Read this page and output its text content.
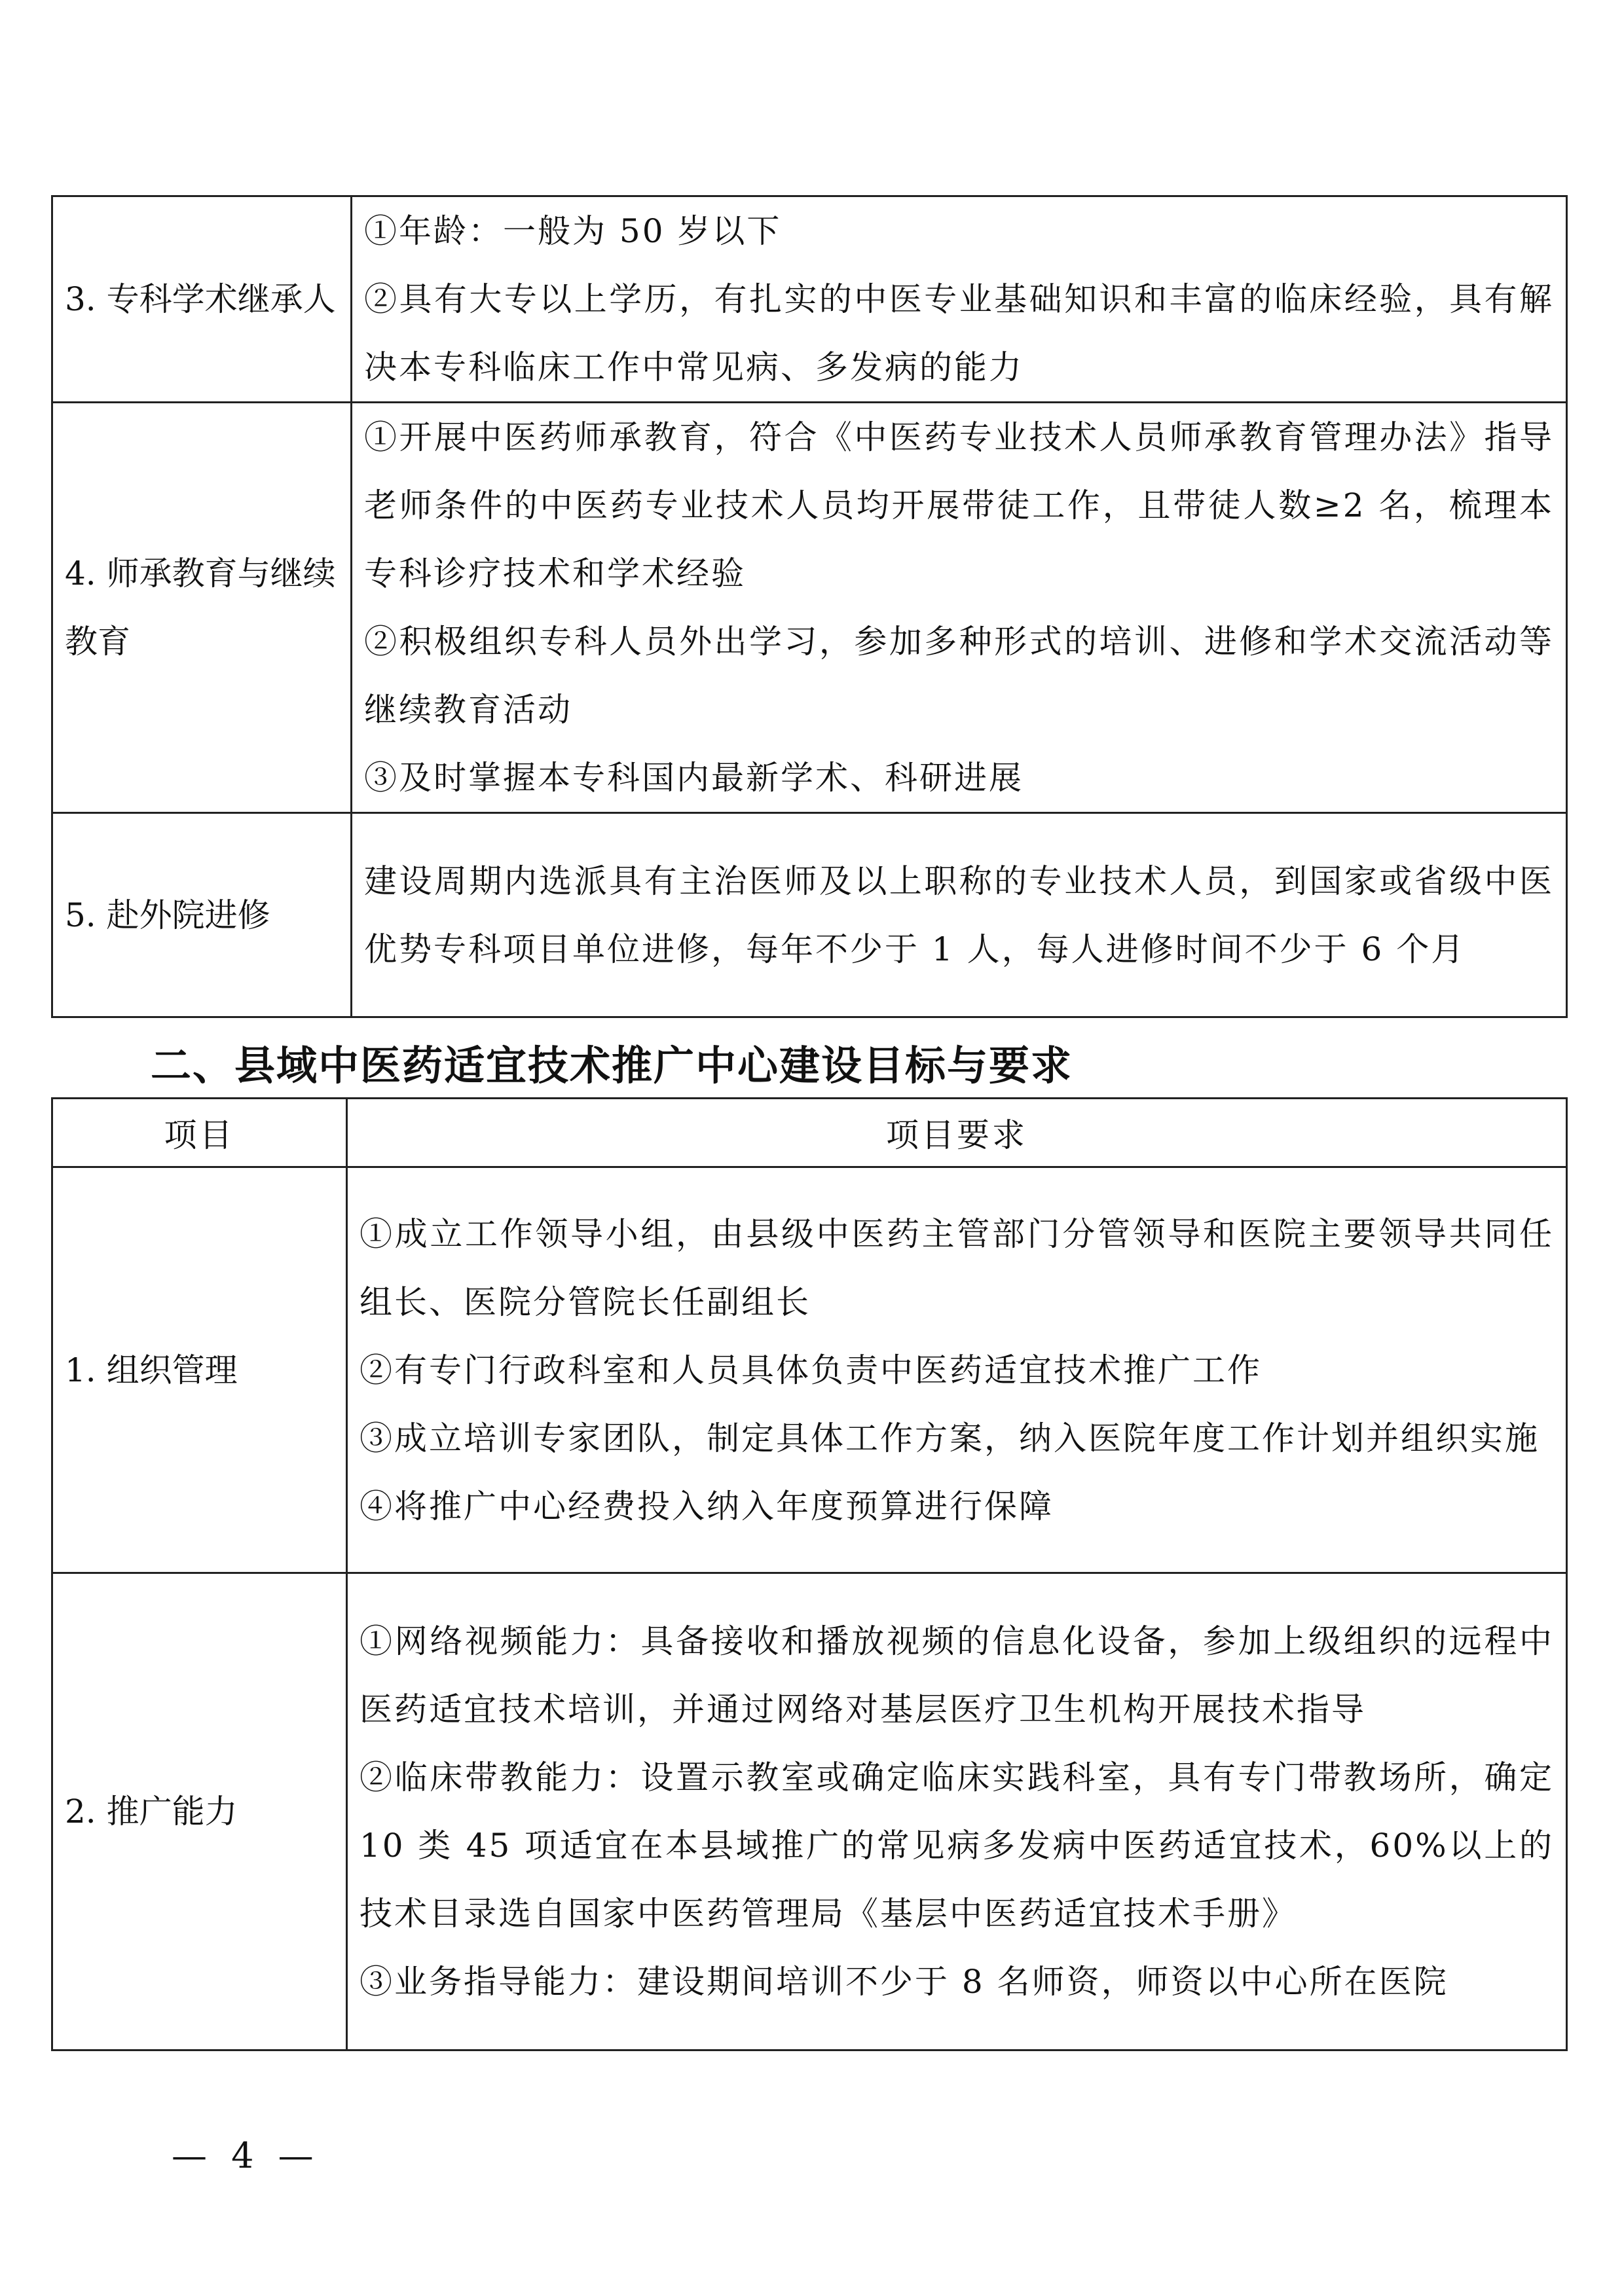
3. 专科学术继承人	①年龄：一般为 50 岁以下

②具有大专以上学历，有扎实的中医专业基础知识和丰富的临床经验，具有解决本专科临床工作中常见病、多发病的能力

4. 师承教育与继续教育	①开展中医药师承教育，符合《中医药专业技术人员师承教育管理办法》指导老师条件的中医药专业技术人员均开展带徒工作，且带徒人数≥2 名，梳理本专科诊疗技术和学术经验

②积极组织专科人员外出学习，参加多种形式的培训、进修和学术交流活动等继续教育活动

③及时掌握本专科国内最新学术、科研进展

5. 赴外院进修	建设周期内选派具有主治医师及以上职称的专业技术人员，到国家或省级中医优势专科项目单位进修，每年不少于 1 人，每人进修时间不少于 6 个月

二、县域中医药适宜技术推广中心建设目标与要求
项目	项目要求
1. 组织管理	①成立工作领导小组，由县级中医药主管部门分管领导和医院主要领导共同任组长、医院分管院长任副组长

②有专门行政科室和人员具体负责中医药适宜技术推广工作

③成立培训专家团队，制定具体工作方案，纳入医院年度工作计划并组织实施

④将推广中心经费投入纳入年度预算进行保障

2. 推广能力	①网络视频能力：具备接收和播放视频的信息化设备，参加上级组织的远程中医药适宜技术培训，并通过网络对基层医疗卫生机构开展技术指导

②临床带教能力：设置示教室或确定临床实践科室，具有专门带教场所，确定 10 类 45 项适宜在本县域推广的常见病多发病中医药适宜技术，60%以上的技术目录选自国家中医药管理局《基层中医药适宜技术手册》

③业务指导能力：建设期间培训不少于 8 名师资，师资以中心所在医院

— 4 —
